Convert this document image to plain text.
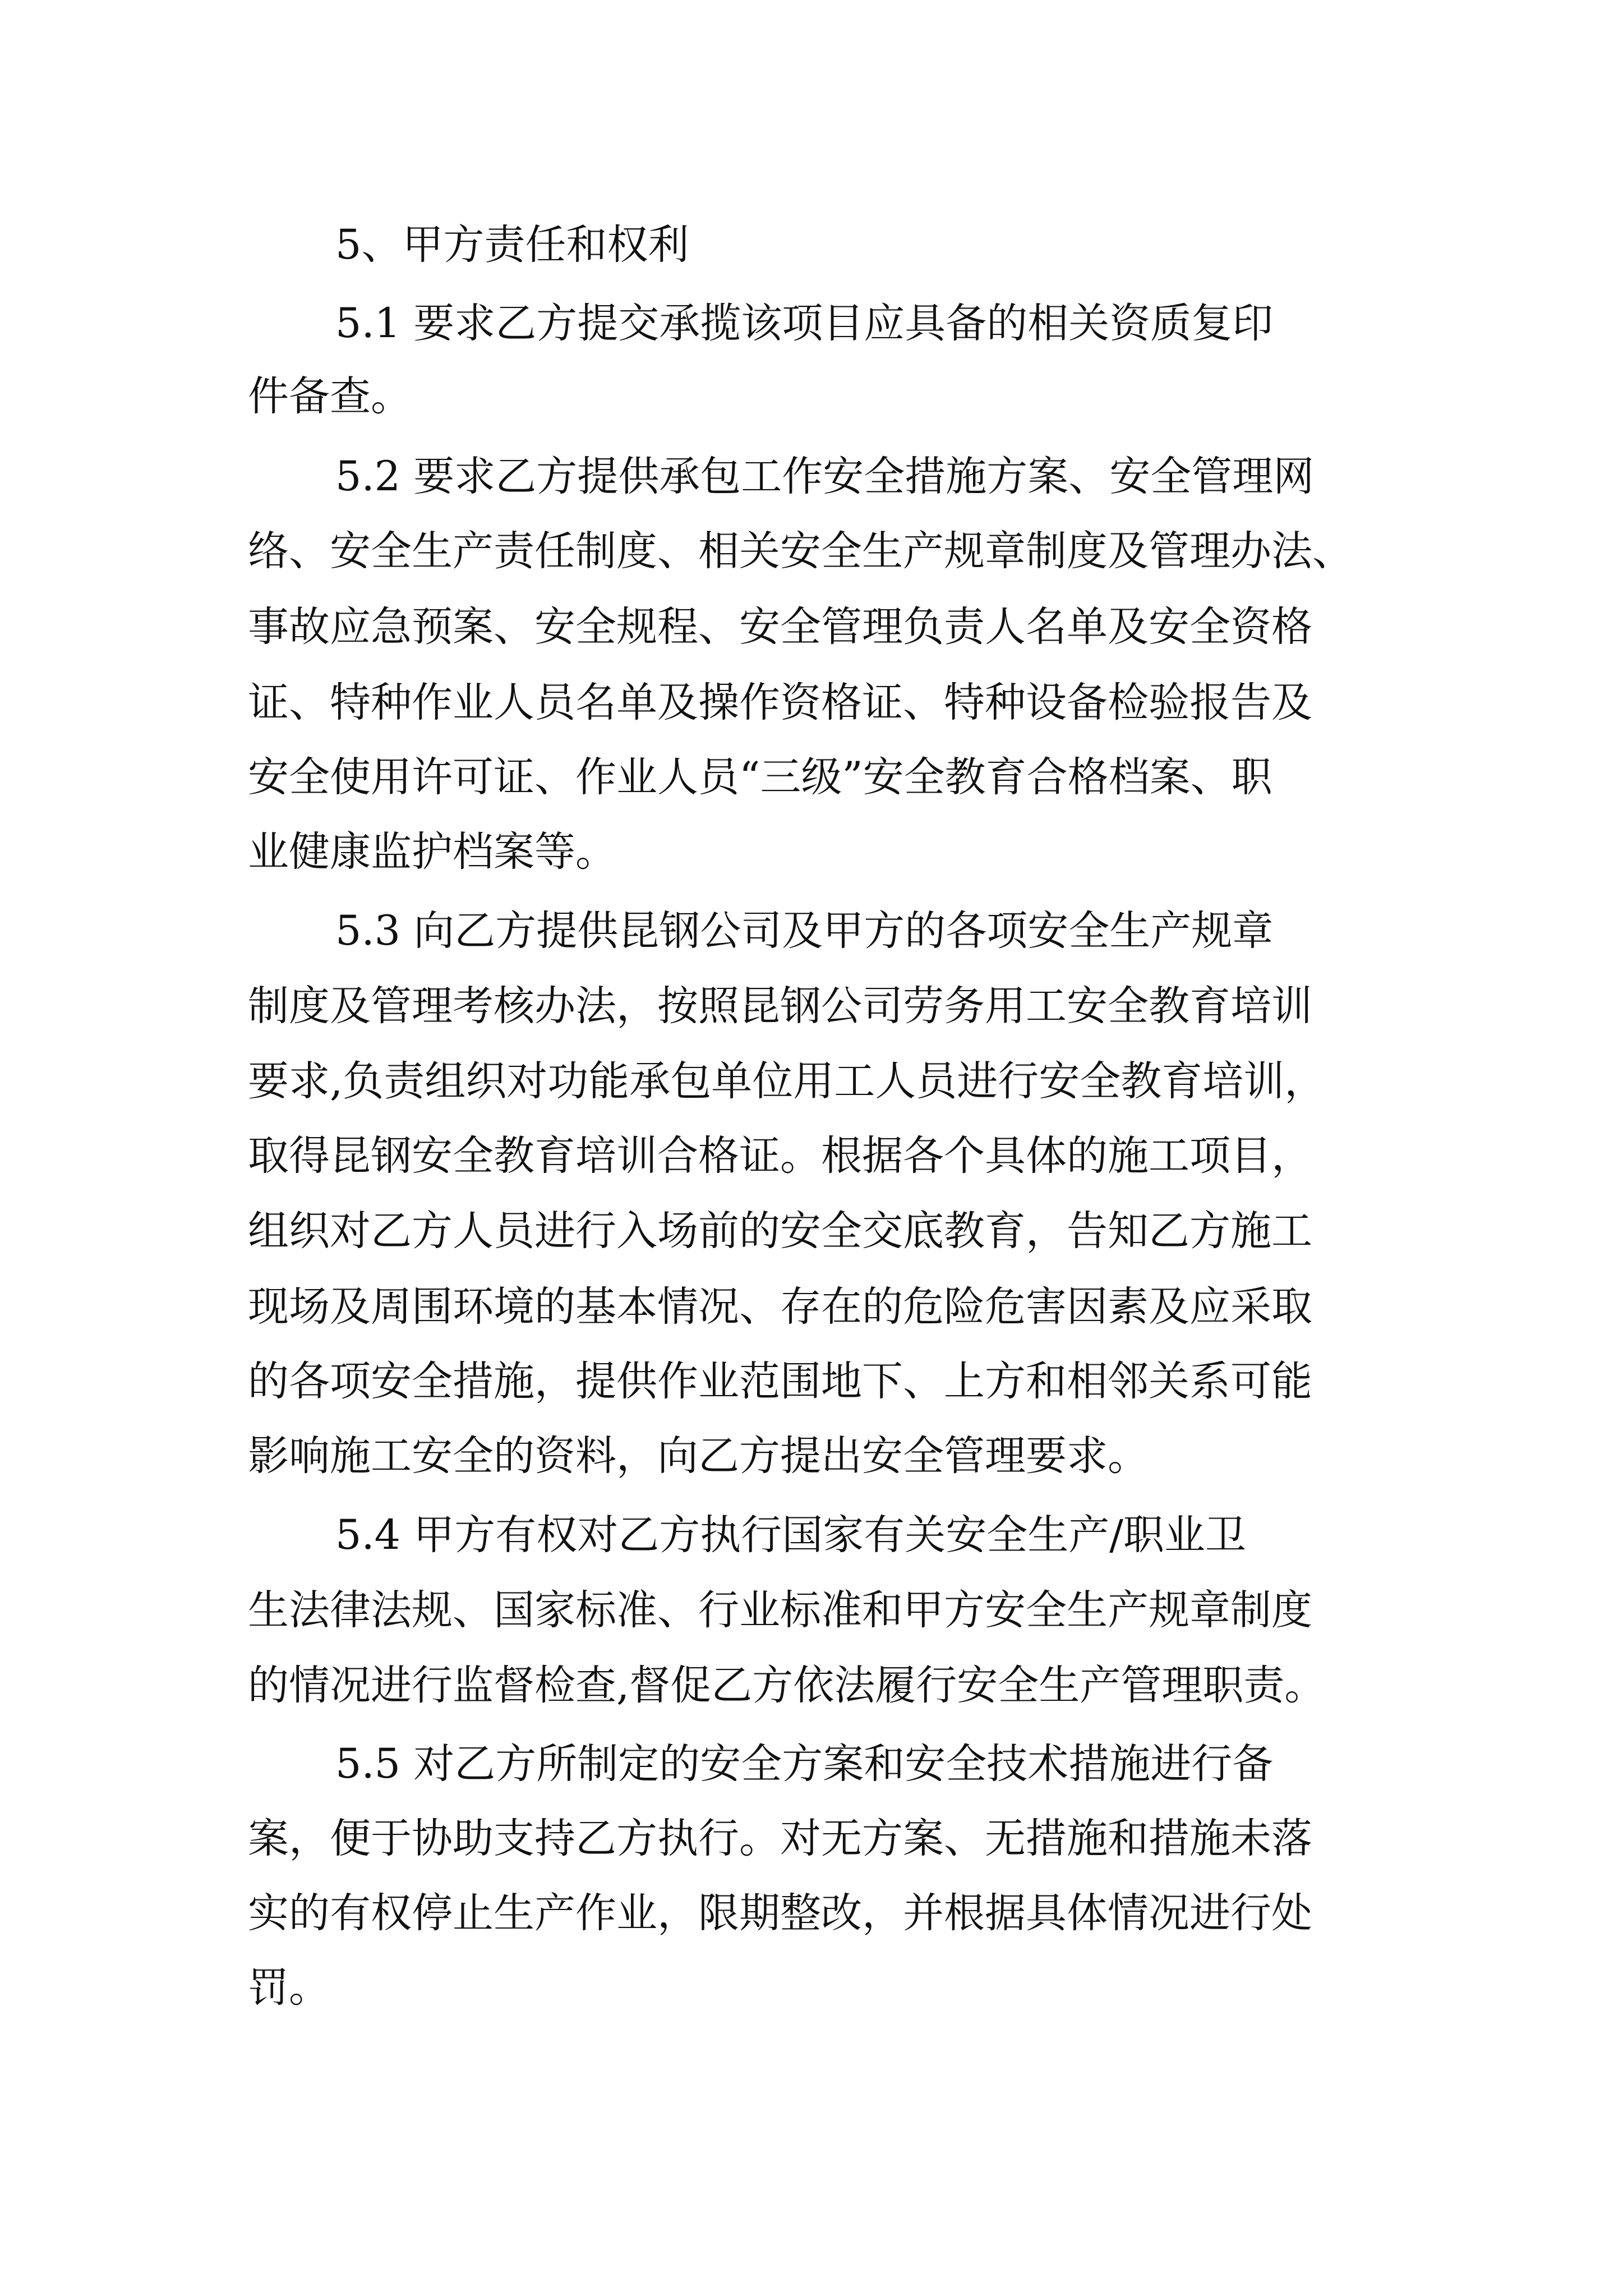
5、甲方责任和权利
5.1 要求乙方提交承揽该项目应具备的相关资质复印
件备查。
5.2 要求乙方提供承包工作安全措施方案、安全管理网
络、安全生产责任制度、相关安全生产规章制度及管理办法、
事故应急预案、安全规程、安全管理负责人名单及安全资格
证、特种作业人员名单及操作资格证、特种设备检验报告及
安全使用许可证、作业人员“三级”安全教育合格档案、职
业健康监护档案等。
5.3 向乙方提供昆钢公司及甲方的各项安全生产规章
制度及管理考核办法，按照昆钢公司劳务用工安全教育培训
要求,负责组织对功能承包单位用工人员进行安全教育培训，
取得昆钢安全教育培训合格证。根据各个具体的施工项目，
组织对乙方人员进行入场前的安全交底教育，告知乙方施工
现场及周围环境的基本情况、存在的危险危害因素及应采取
的各项安全措施，提供作业范围地下、上方和相邻关系可能
影响施工安全的资料，向乙方提出安全管理要求。
5.4 甲方有权对乙方执行国家有关安全生产/职业卫
生法律法规、国家标准、行业标准和甲方安全生产规章制度
的情况进行监督检查,督促乙方依法履行安全生产管理职责。
5.5 对乙方所制定的安全方案和安全技术措施进行备
案，便于协助支持乙方执行。对无方案、无措施和措施未落
实的有权停止生产作业，限期整改，并根据具体情况进行处
罚。
